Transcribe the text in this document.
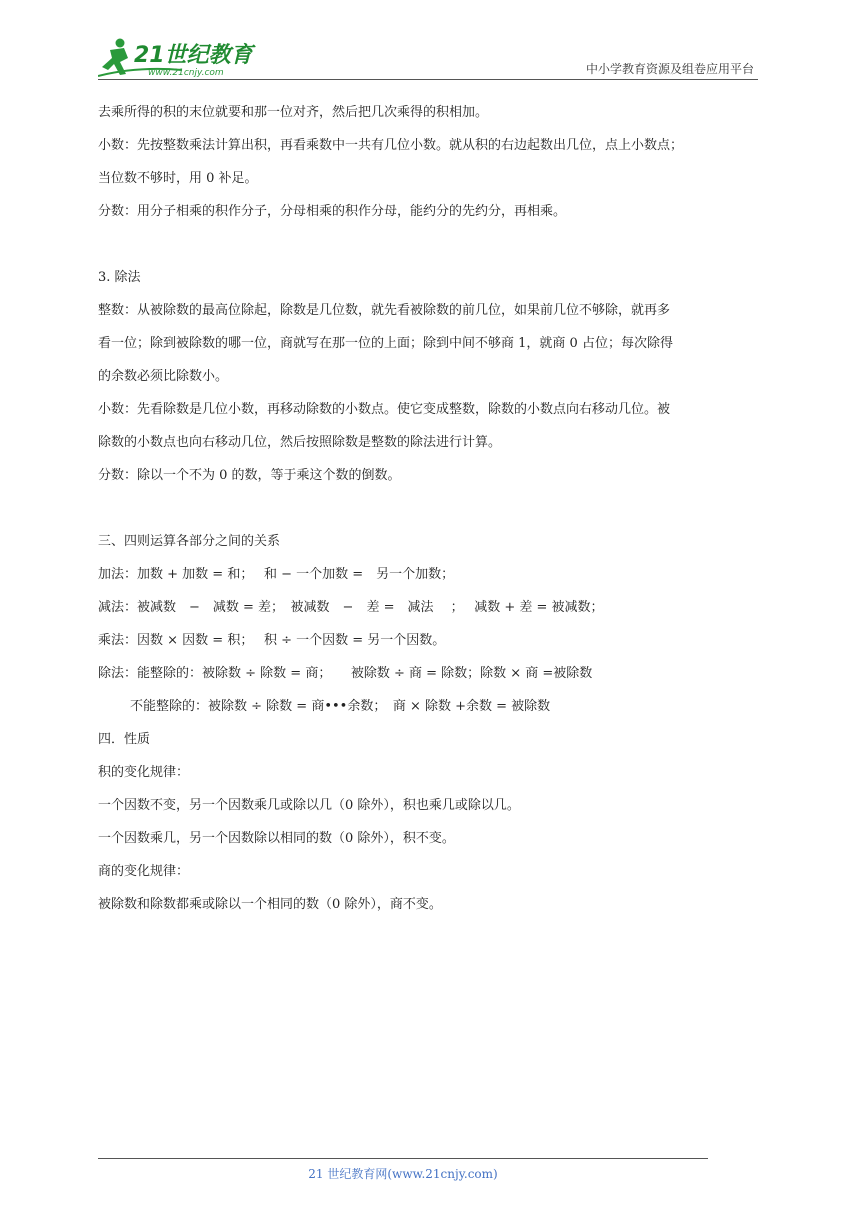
21世纪教育
www.21cnjy.com	中小学教育资源及组卷应用平台
去乘所得的积的末位就要和那一位对齐，然后把几次乘得的积相加。
小数：先按整数乘法计算出积，再看乘数中一共有几位小数。就从积的右边起数出几位，点上小数点；
当位数不够时，用 0 补足。
分数：用分子相乘的积作分子，分母相乘的积作分母，能约分的先约分，再相乘。
3. 除法
整数：从被除数的最高位除起，除数是几位数，就先看被除数的前几位，如果前几位不够除，就再多
看一位；除到被除数的哪一位，商就写在那一位的上面；除到中间不够商 1，就商 0 占位；每次除得
的余数必须比除数小。
小数：先看除数是几位小数，再移动除数的小数点。使它变成整数，除数的小数点向右移动几位。被
除数的小数点也向右移动几位，然后按照除数是整数的除法进行计算。
分数：除以一个不为 0 的数，等于乘这个数的倒数。
三、四则运算各部分之间的关系
加法：加数 + 加数 = 和；　 和 − 一个加数 =　另一个加数；
减法：被减数　−　减数 = 差；　被减数　−　差 =　减法　 ；　 减数 + 差 = 被减数；
乘法：因数 × 因数 = 积；　 积 ÷ 一个因数 = 另一个因数。
除法：能整除的：被除数 ÷ 除数 = 商；　　被除数 ÷ 商 = 除数；除数 × 商 =被除数
不能整除的：被除数 ÷ 除数 = 商•••余数；　商 × 除数 +余数 = 被除数
四．性质
积的变化规律：
一个因数不变，另一个因数乘几或除以几（0 除外），积也乘几或除以几。
一个因数乘几，另一个因数除以相同的数（0 除外），积不变。
商的变化规律：
被除数和除数都乘或除以一个相同的数（0 除外），商不变。
21 世纪教育网(www.21cnjy.com)
